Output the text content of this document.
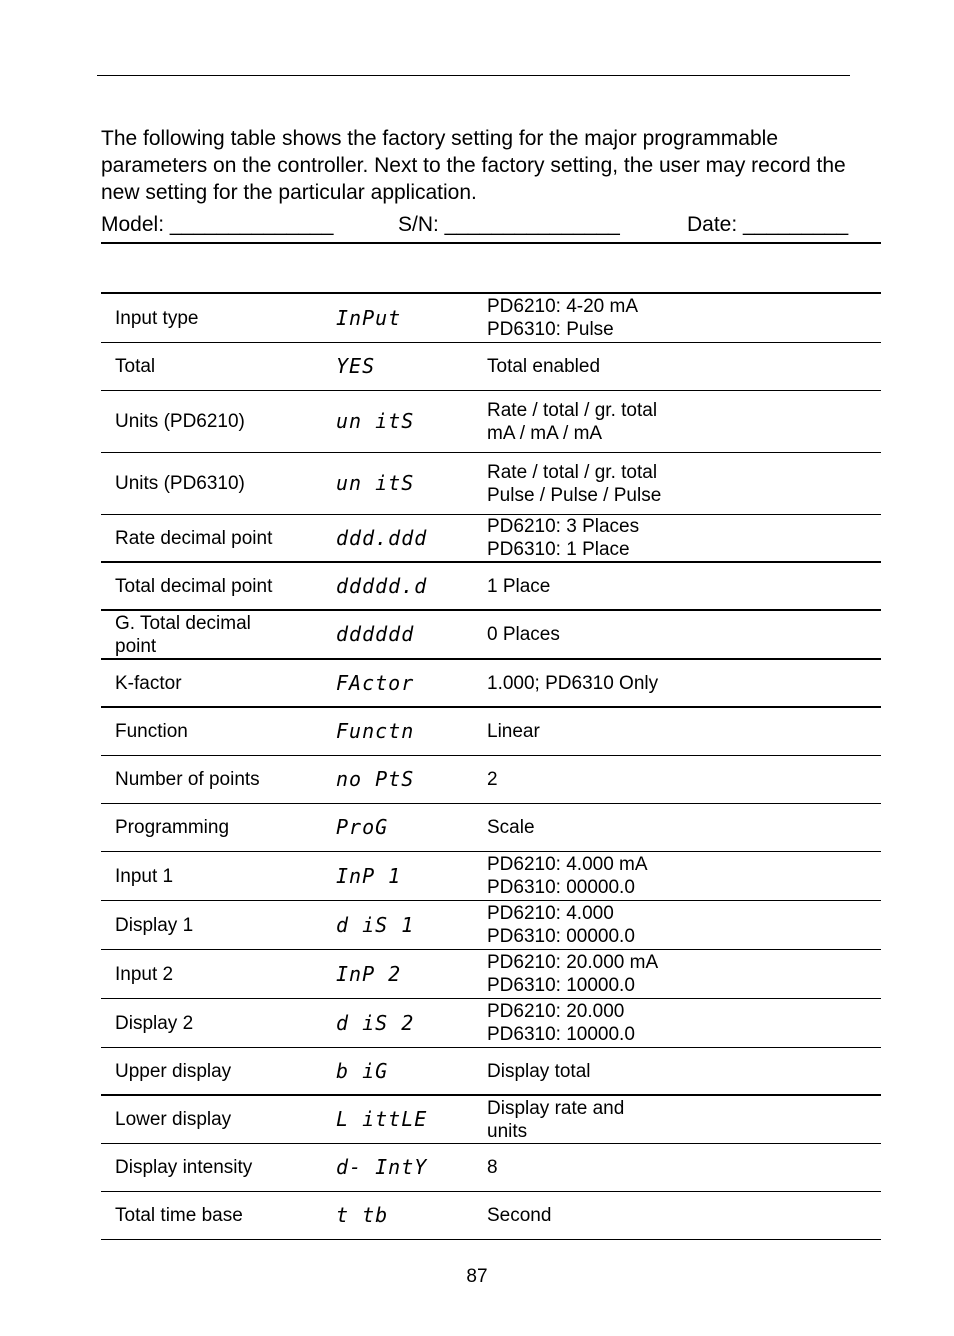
The following table shows the factory setting for the major programmable parameters on the controller. Next to the factory setting, the user may record the new setting for the particular application.

Model: ______________

	S/N: _______________

	Date: _________

Input type	InPut	PD6210: 4-20 mA
PD6310: Pulse
Total	YES	Total enabled
Units (PD6210)	un itS	Rate / total / gr. total
mA / mA / mA
Units (PD6310)	un itS	Rate / total / gr. total
Pulse / Pulse / Pulse
Rate decimal point	ddd.ddd	PD6210: 3 Places
PD6310: 1 Place
Total decimal point	ddddd.d	1 Place
G. Total decimal
point	dddddd	0 Places
K-factor	FActor	1.000; PD6310 Only
Function	Functn	Linear
Number of points	no PtS	2
Programming	ProG	Scale
Input 1	InP 1	PD6210: 4.000 mA
PD6310: 00000.0
Display 1	d iS 1	PD6210: 4.000
PD6310: 00000.0
Input 2	InP 2	PD6210: 20.000 mA
PD6310: 10000.0
Display 2	d iS 2	PD6210: 20.000
PD6310: 10000.0
Upper display	b iG	Display total
Lower display	L ittLE	Display rate and
units
Display intensity	d- IntY	8
Total time base	t tb	Second
87
